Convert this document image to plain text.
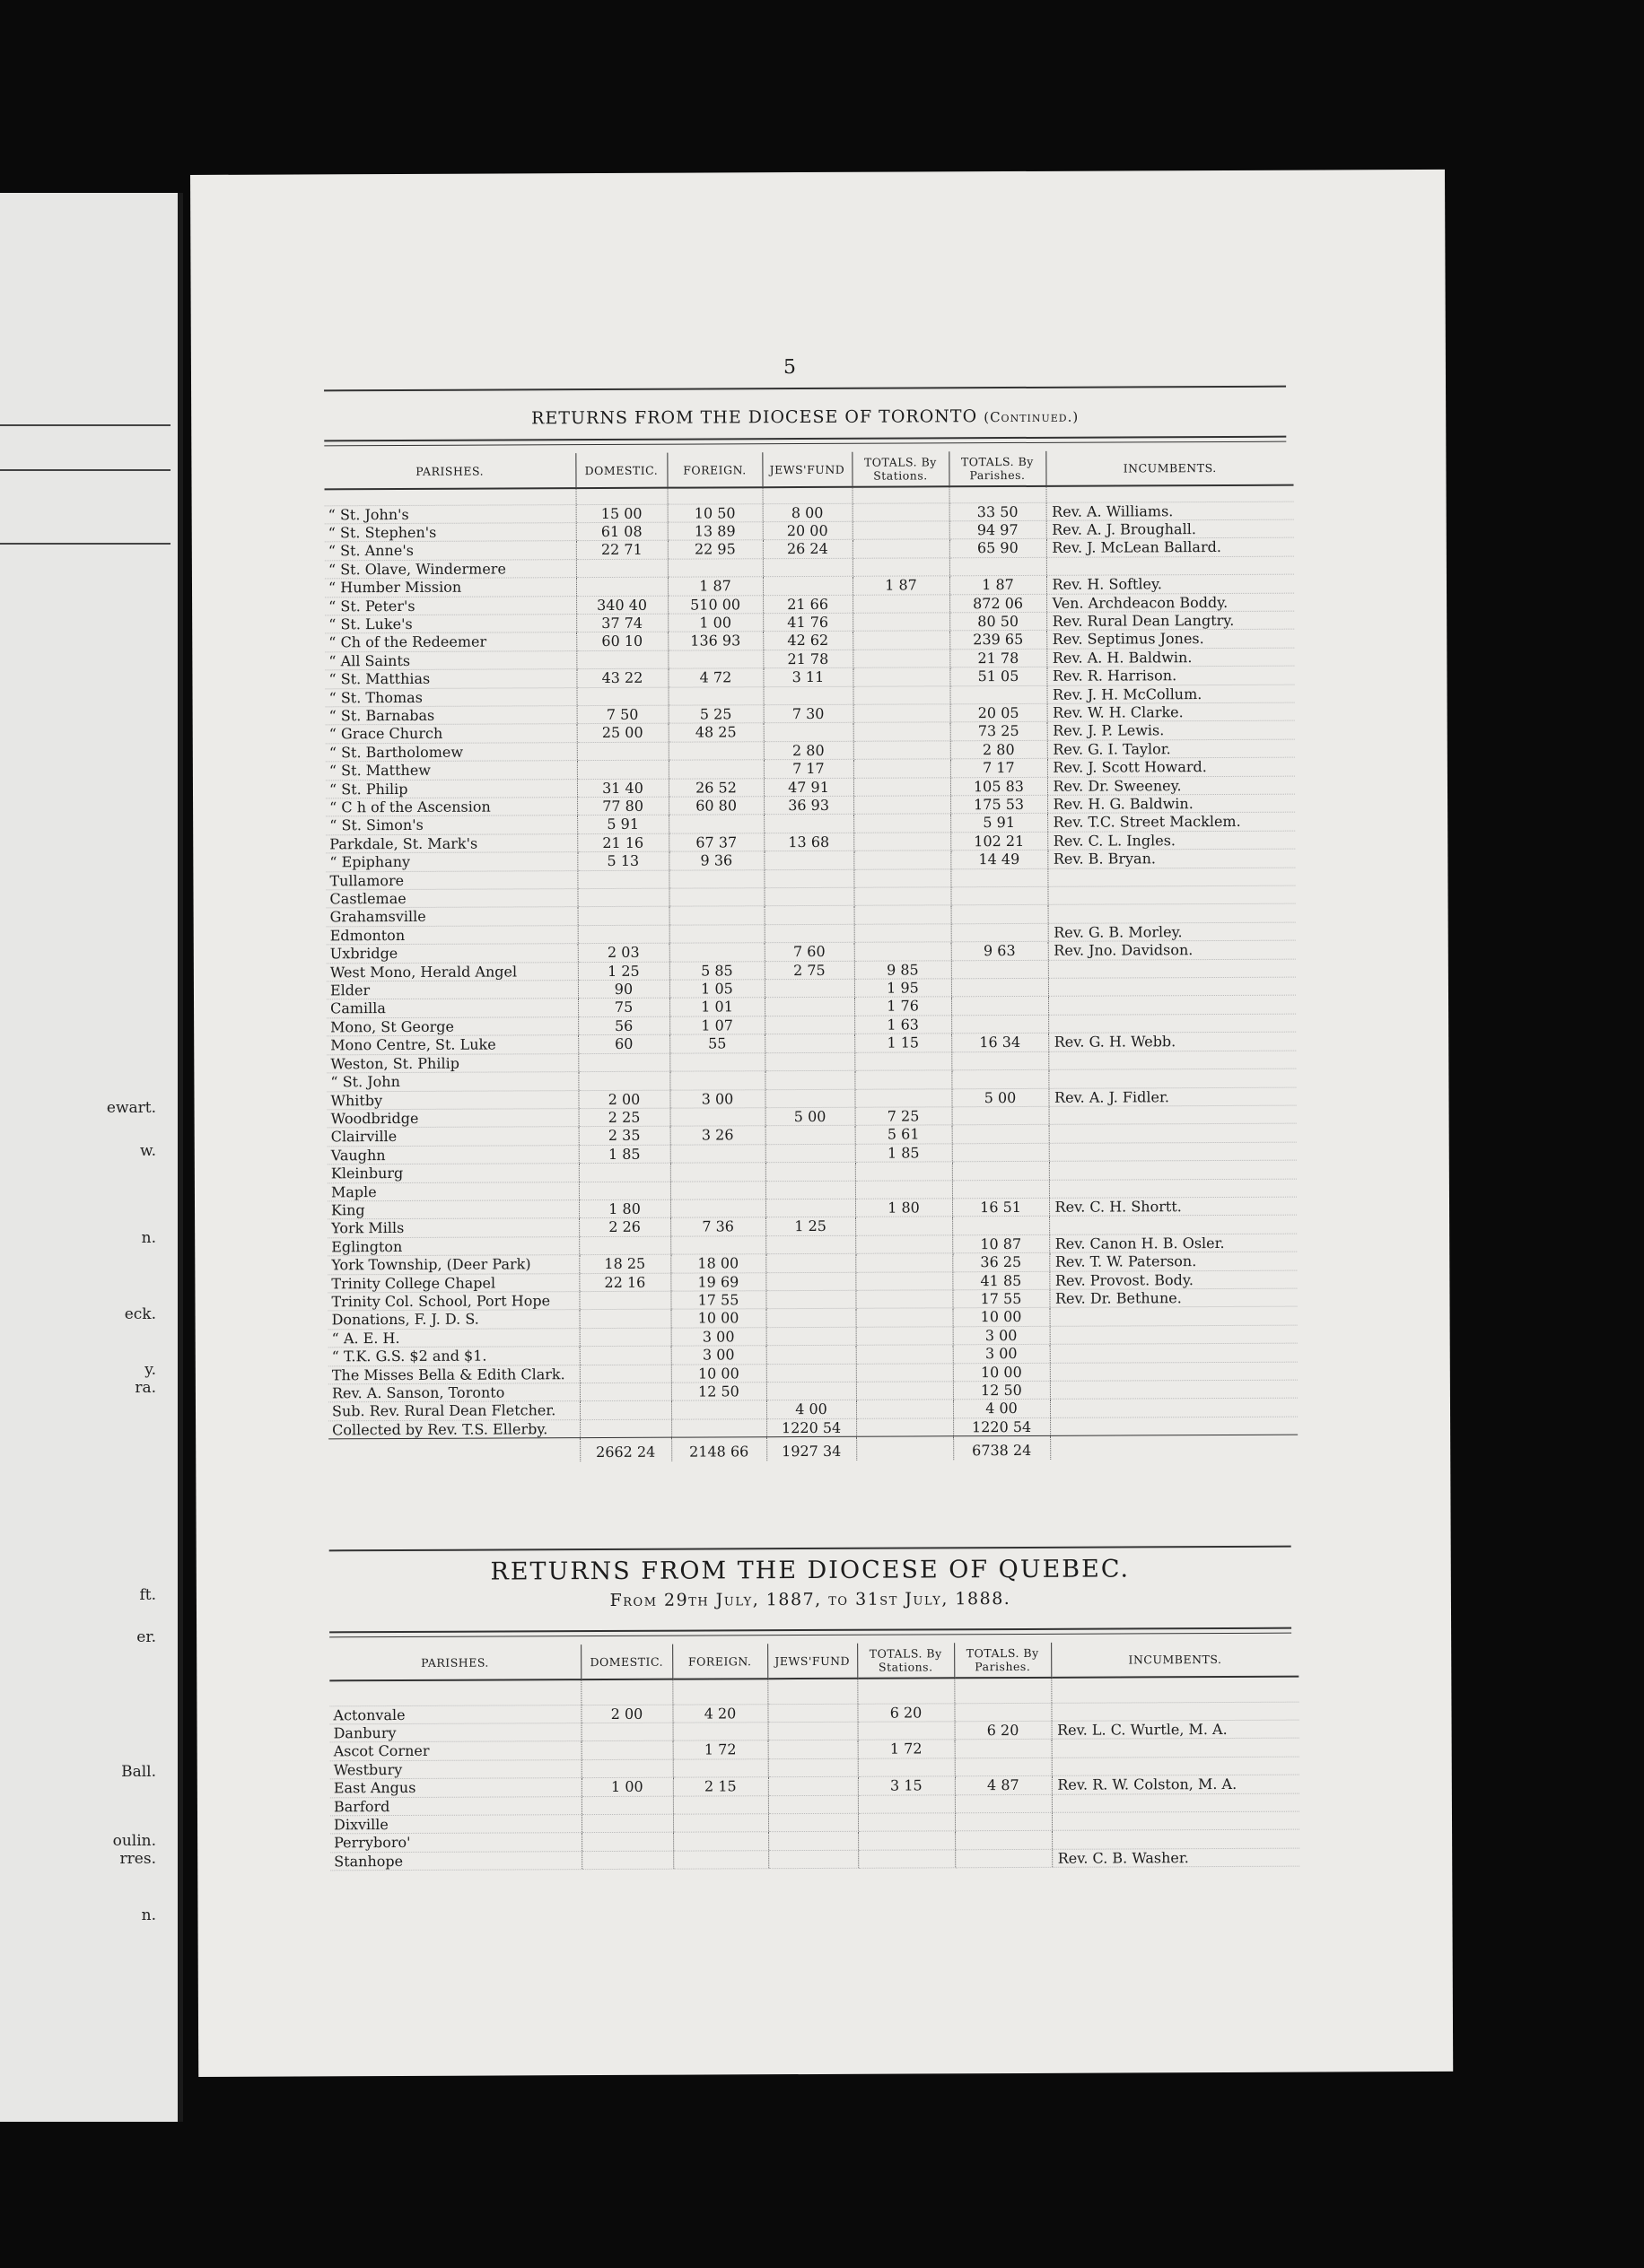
ewart.
w.
n.
eck.
y.
ra.
ft.
er.
Ball.
oulin.
rres.
n.
5
RETURNS FROM THE DIOCESE OF TORONTO (Continued.)
PARISHES.	DOMESTIC.	FOREIGN.	JEWS'FUND	TOTALS. By Stations.	TOTALS. By Parishes.	INCUMBENTS.

“ St. John's	15 00	10 50	8 00		33 50	Rev. A. Williams.
“ St. Stephen's	61 08	13 89	20 00		94 97	Rev. A. J. Broughall.
“ St. Anne's	22 71	22 95	26 24		65 90	Rev. J. McLean Ballard.
“ St. Olave, Windermere						
“ Humber Mission		1 87		1 87	1 87	Rev. H. Softley.
“ St. Peter's	340 40	510 00	21 66		872 06	Ven. Archdeacon Boddy.
“ St. Luke's	37 74	1 00	41 76		80 50	Rev. Rural Dean Langtry.
“ Ch of the Redeemer	60 10	136 93	42 62		239 65	Rev. Septimus Jones.
“ All Saints			21 78		21 78	Rev. A. H. Baldwin.
“ St. Matthias	43 22	4 72	3 11		51 05	Rev. R. Harrison.
“ St. Thomas						Rev. J. H. McCollum.
“ St. Barnabas	7 50	5 25	7 30		20 05	Rev. W. H. Clarke.
“ Grace Church	25 00	48 25			73 25	Rev. J. P. Lewis.
“ St. Bartholomew			2 80		2 80	Rev. G. I. Taylor.
“ St. Matthew			7 17		7 17	Rev. J. Scott Howard.
“ St. Philip	31 40	26 52	47 91		105 83	Rev. Dr. Sweeney.
“ C h of the Ascension	77 80	60 80	36 93		175 53	Rev. H. G. Baldwin.
“ St. Simon's	5 91				5 91	Rev. T.C. Street Macklem.
Parkdale, St. Mark's	21 16	67 37	13 68		102 21	Rev. C. L. Ingles.
“ Epiphany	5 13	9 36			14 49	Rev. B. Bryan.
Tullamore						
Castlemae						
Grahamsville						
Edmonton						Rev. G. B. Morley.
Uxbridge	2 03		7 60		9 63	Rev. Jno. Davidson.
West Mono, Herald Angel	1 25	5 85	2 75	9 85		
Elder	90	1 05		1 95		
Camilla	75	1 01		1 76		
Mono, St George	56	1 07		1 63		
Mono Centre, St. Luke	60	55		1 15	16 34	Rev. G. H. Webb.
Weston, St. Philip						
“ St. John						
Whitby	2 00	3 00			5 00	Rev. A. J. Fidler.
Woodbridge	2 25		5 00	7 25		
Clairville	2 35	3 26		5 61		
Vaughn	1 85			1 85		
Kleinburg						
Maple						
King	1 80			1 80	16 51	Rev. C. H. Shortt.
York Mills	2 26	7 36	1 25			
Eglington					10 87	Rev. Canon H. B. Osler.
York Township, (Deer Park)	18 25	18 00			36 25	Rev. T. W. Paterson.
Trinity College Chapel	22 16	19 69			41 85	Rev. Provost. Body.
Trinity Col. School, Port Hope		17 55			17 55	Rev. Dr. Bethune.
Donations, F. J. D. S.		10 00			10 00	
“ A. E. H.		3 00			3 00	
“ T.K. G.S. $2 and $1.		3 00			3 00	
The Misses Bella & Edith Clark.		10 00			10 00	
Rev. A. Sanson, Toronto		12 50			12 50	
Sub. Rev. Rural Dean Fletcher.			4 00		4 00	
Collected by Rev. T.S. Ellerby.			1220 54		1220 54	
	2662 24	2148 66	1927 34		6738 24	
RETURNS FROM THE DIOCESE OF QUEBEC.
From 29th July, 1887, to 31st July, 1888.
PARISHES.	DOMESTIC.	FOREIGN.	JEWS'FUND	TOTALS. By Stations.	TOTALS. By Parishes.	INCUMBENTS.

Actonvale	2 00	4 20		6 20		
Danbury					6 20	Rev. L. C. Wurtle, M. A.
Ascot Corner		1 72		1 72		
Westbury						
East Angus	1 00	2 15		3 15	4 87	Rev. R. W. Colston, M. A.
Barford						
Dixville						
Perryboro'						
Stanhope						Rev. C. B. Washer.
